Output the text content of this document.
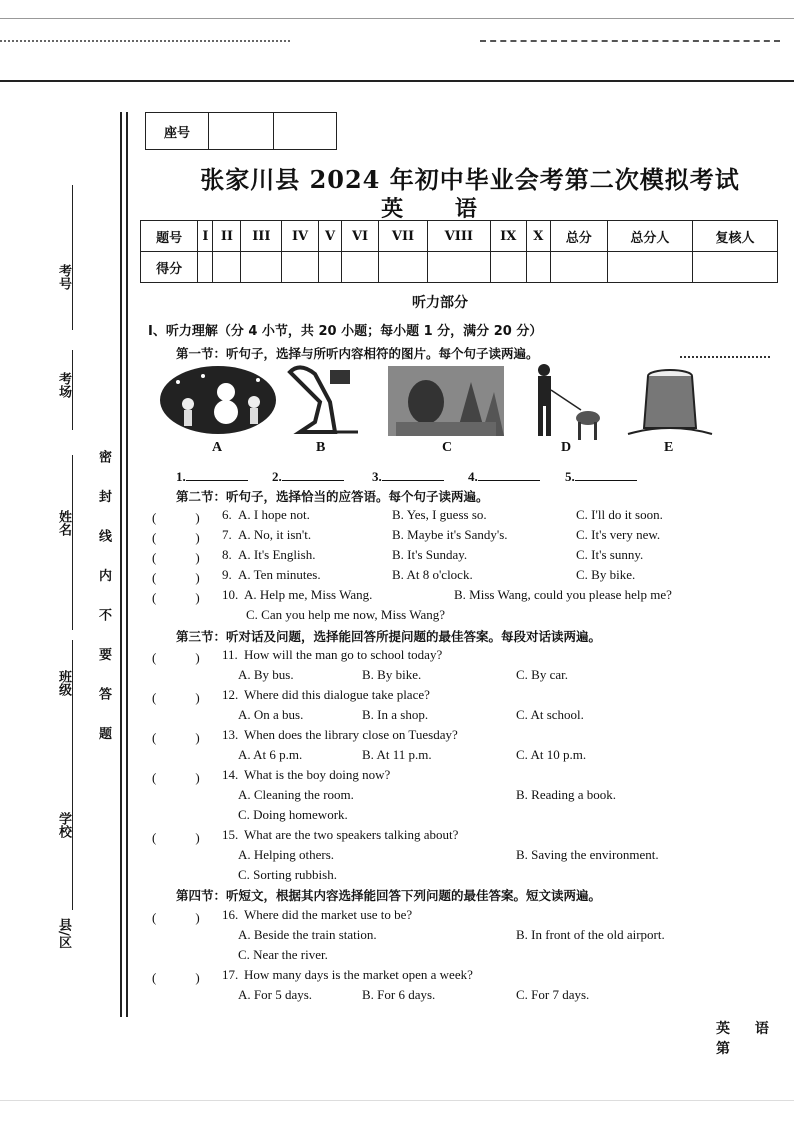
考号
考场
姓名
班级
学校
县/区
密 封 线 内 不 要 答 题
座号		
张家川县 2024 年初中毕业会考第二次模拟考试
英 语
题号	I	II	III	IV	V	VI	VII	VIII	IX	X	总分	总分人	复核人
得分													
听力部分
I、听力理解（分 4 小节，共 20 小题；每小题 1 分，满分 20 分）
第一节：听句子，选择与所听内容相符的图片。每个句子读两遍。
A	B	C	D	E
1.	2.	3.	4.	5.
第二节：听句子，选择恰当的应答语。每个句子读两遍。
(　　　) 6. A. I hope not.	B. Yes, I guess so.	C. I'll do it soon.
(　　　) 7. A. No, it isn't.	B. Maybe it's Sandy's.	C. It's very new.
(　　　) 8. A. It's English.	B. It's Sunday.	C. It's sunny.
(　　　) 9. A. Ten minutes.	B. At 8 o'clock.	C. By bike.
(　　　) 10. A. Help me, Miss Wang.	B. Miss Wang, could you please help me?
C. Can you help me now, Miss Wang?
第三节：听对话及问题，选择能回答所提问题的最佳答案。每段对话读两遍。
(　　　) 11. How will the man go to school today?
A. By bus.	B. By bike.	C. By car.
(　　　) 12. Where did this dialogue take place?
A. On a bus.	B. In a shop.	C. At school.
(　　　) 13. When does the library close on Tuesday?
A. At 6 p.m.	B. At 11 p.m.	C. At 10 p.m.
(　　　) 14. What is the boy doing now?
A. Cleaning the room.	B. Reading a book.
C. Doing homework.
(　　　) 15. What are the two speakers talking about?
A. Helping others.	B. Saving the environment.
C. Sorting rubbish.
第四节：听短文，根据其内容选择能回答下列问题的最佳答案。短文读两遍。
(　　　) 16. Where did the market use to be?
A. Beside the train station.	B. In front of the old airport.
C. Near the river.
(　　　) 17. How many days is the market open a week?
A. For 5 days.	B. For 6 days.	C. For 7 days.
英 语 第
